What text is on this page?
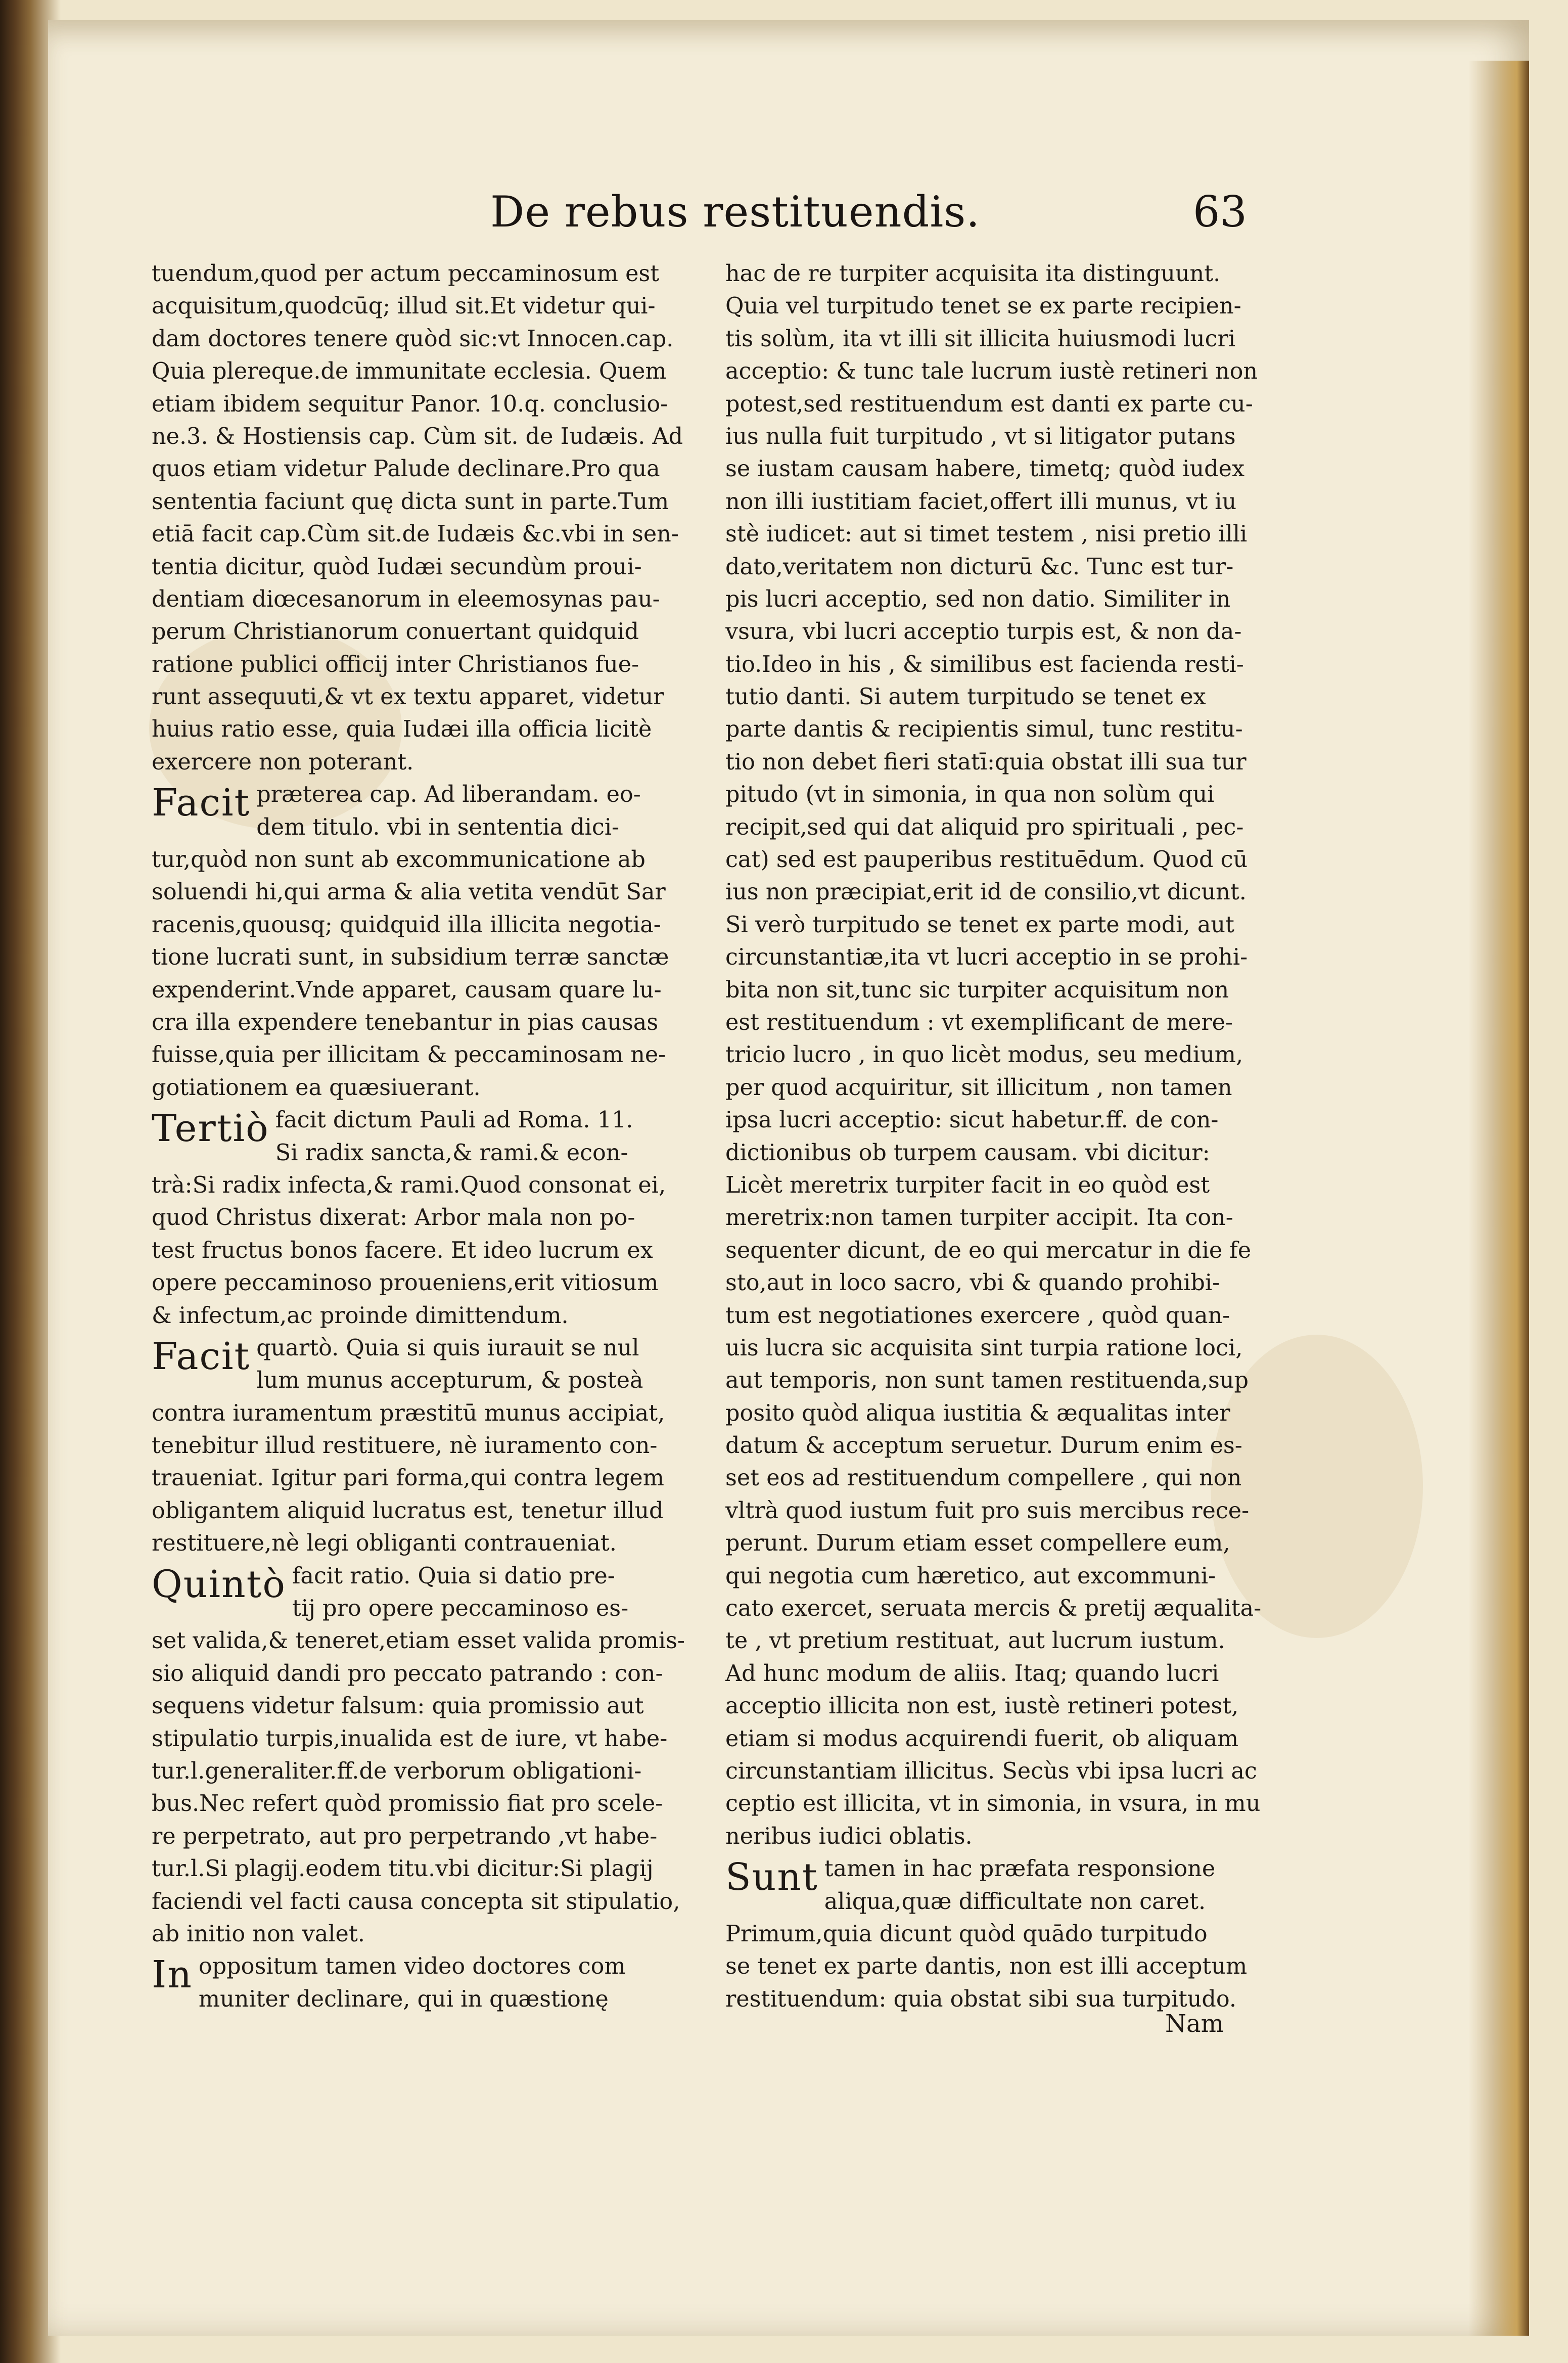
De rebus restituendis.	63
tuendum,quod per actum peccaminosum est
acquisitum,quodcūq; illud sit.Et videtur qui-
dam doctores tenere quòd sic:vt Innocen.cap.
Quia plereque.de immunitate ecclesia. Quem
etiam ibidem sequitur Panor. 10.q. conclusio-
ne.3. & Hostiensis cap. Cùm sit. de Iudæis. Ad
quos etiam videtur Palude declinare.Pro qua
sententia faciunt quę dicta sunt in parte.Tum
etiā facit cap.Cùm sit.de Iudæis &c.vbi in sen-
tentia dicitur, quòd Iudæi secundùm proui-
dentiam diœcesanorum in eleemosynas pau-
perum Christianorum conuertant quidquid
ratione publici officij inter Christianos fue-
runt assequuti,& vt ex textu apparet, videtur
huius ratio esse, quia Iudæi illa officia licitè
exercere non poterant.
Facit præterea cap. Ad liberandam. eo-
dem titulo. vbi in sententia dici-
tur,quòd non sunt ab excommunicatione ab
soluendi hi,qui arma & alia vetita vendūt Sar
racenis,quousq; quidquid illa illicita negotia-
tione lucrati sunt, in subsidium terræ sanctæ
expenderint.Vnde apparet, causam quare lu-
cra illa expendere tenebantur in pias causas
fuisse,quia per illicitam & peccaminosam ne-
gotiationem ea quæsiuerant.
Tertiò facit dictum Pauli ad Roma. 11.
Si radix sancta,& rami.& econ-
trà:Si radix infecta,& rami.Quod consonat ei,
quod Christus dixerat: Arbor mala non po-
test fructus bonos facere. Et ideo lucrum ex
opere peccaminoso proueniens,erit vitiosum
& infectum,ac proinde dimittendum.
Facit quartò. Quia si quis iurauit se nul
lum munus accepturum, & posteà
contra iuramentum præstitū munus accipiat,
tenebitur illud restituere, nè iuramento con-
traueniat. Igitur pari forma,qui contra legem
obligantem aliquid lucratus est, tenetur illud
restituere,nè legi obliganti contraueniat.
Quintò facit ratio. Quia si datio pre-
tij pro opere peccaminoso es-
set valida,& teneret,etiam esset valida promis-
sio aliquid dandi pro peccato patrando : con-
sequens videtur falsum: quia promissio aut
stipulatio turpis,inualida est de iure, vt habe-
tur.l.generaliter.ff.de verborum obligationi-
bus.Nec refert quòd promissio fiat pro scele-
re perpetrato, aut pro perpetrando ,vt habe-
tur.l.Si plagij.eodem titu.vbi dicitur:Si plagij
faciendi vel facti causa concepta sit stipulatio,
ab initio non valet.
In oppositum tamen video doctores com
muniter declinare, qui in quæstionę
hac de re turpiter acquisita ita distinguunt.
Quia vel turpitudo tenet se ex parte recipien-
tis solùm, ita vt illi sit illicita huiusmodi lucri
acceptio: & tunc tale lucrum iustè retineri non
potest,sed restituendum est danti ex parte cu-
ius nulla fuit turpitudo , vt si litigator putans
se iustam causam habere, timetq; quòd iudex
non illi iustitiam faciet,offert illi munus, vt iu
stè iudicet: aut si timet testem , nisi pretio illi
dato,veritatem non dicturū &c. Tunc est tur-
pis lucri acceptio, sed non datio. Similiter in
vsura, vbi lucri acceptio turpis est, & non da-
tio.Ideo in his , & similibus est facienda resti-
tutio danti. Si autem turpitudo se tenet ex
parte dantis & recipientis simul, tunc restitu-
tio non debet fieri statī:quia obstat illi sua tur
pitudo (vt in simonia, in qua non solùm qui
recipit,sed qui dat aliquid pro spirituali , pec-
cat) sed est pauperibus restituēdum. Quod cū
ius non præcipiat,erit id de consilio,vt dicunt.
Si verò turpitudo se tenet ex parte modi, aut
circunstantiæ,ita vt lucri acceptio in se prohi-
bita non sit,tunc sic turpiter acquisitum non
est restituendum : vt exemplificant de mere-
tricio lucro , in quo licèt modus, seu medium,
per quod acquiritur, sit illicitum , non tamen
ipsa lucri acceptio: sicut habetur.ff. de con-
dictionibus ob turpem causam. vbi dicitur:
Licèt meretrix turpiter facit in eo quòd est
meretrix:non tamen turpiter accipit. Ita con-
sequenter dicunt, de eo qui mercatur in die fe
sto,aut in loco sacro, vbi & quando prohibi-
tum est negotiationes exercere , quòd quan-
uis lucra sic acquisita sint turpia ratione loci,
aut temporis, non sunt tamen restituenda,sup
posito quòd aliqua iustitia & æqualitas inter
datum & acceptum seruetur. Durum enim es-
set eos ad restituendum compellere , qui non
vltrà quod iustum fuit pro suis mercibus rece-
perunt. Durum etiam esset compellere eum,
qui negotia cum hæretico, aut excommuni-
cato exercet, seruata mercis & pretij æqualita-
te , vt pretium restituat, aut lucrum iustum.
Ad hunc modum de aliis. Itaq; quando lucri
acceptio illicita non est, iustè retineri potest,
etiam si modus acquirendi fuerit, ob aliquam
circunstantiam illicitus. Secùs vbi ipsa lucri ac
ceptio est illicita, vt in simonia, in vsura, in mu
neribus iudici oblatis.
Sunt tamen in hac præfata responsione
aliqua,quæ difficultate non caret.
Primum,quia dicunt quòd quādo turpitudo
se tenet ex parte dantis, non est illi acceptum
restituendum: quia obstat sibi sua turpitudo.
Nam
